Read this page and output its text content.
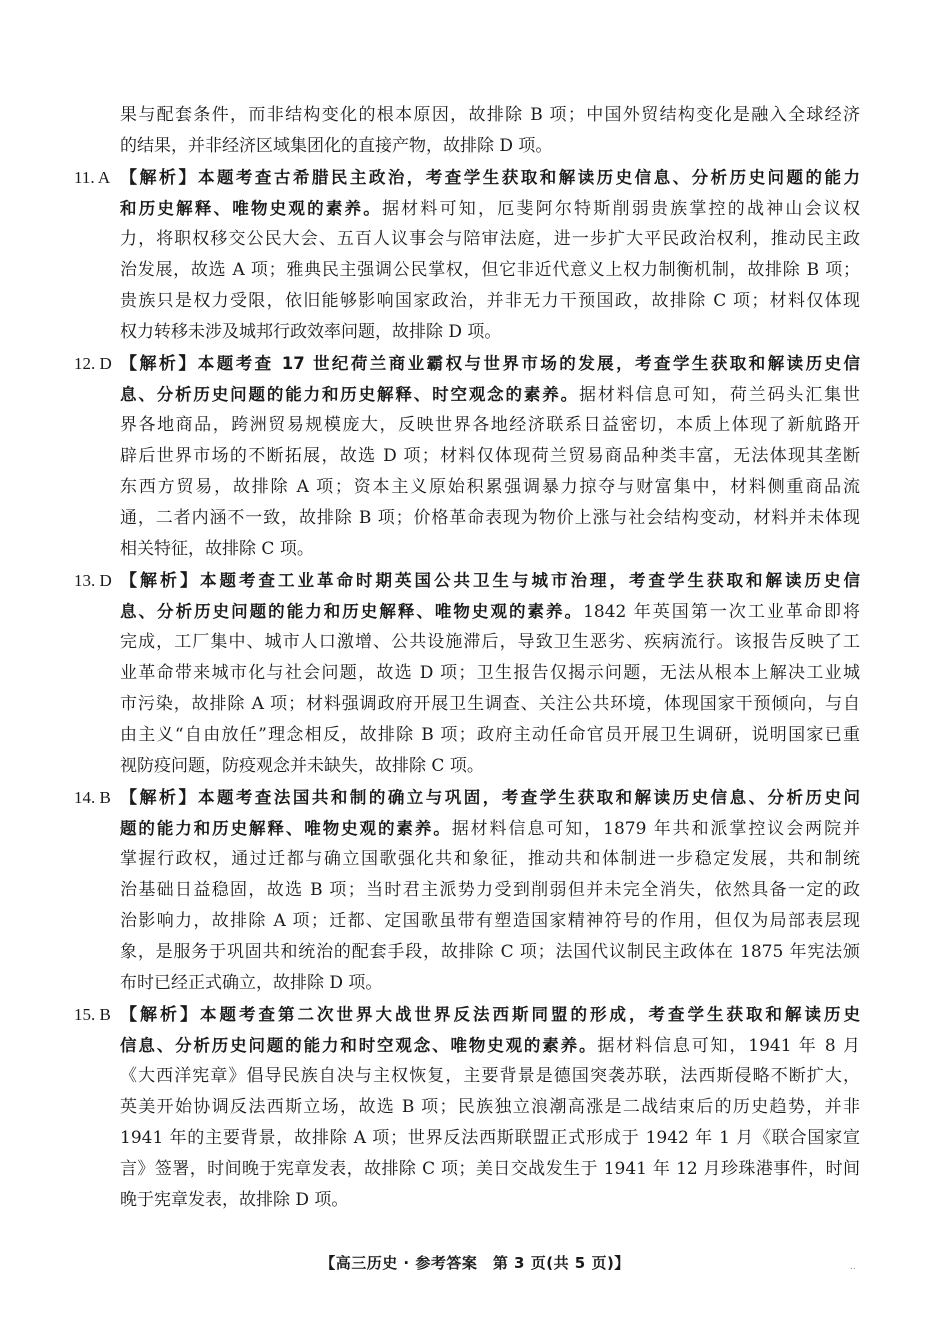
果与配套条件，而非结构变化的根本原因，故排除 B 项；中国外贸结构变化是融入全球经济
的结果，并非经济区域集团化的直接产物，故排除 D 项。
11. A 【解析】本题考查古希腊民主政治，考查学生获取和解读历史信息、分析历史问题的能力
和历史解释、唯物史观的素养。据材料可知，厄斐阿尔特斯削弱贵族掌控的战神山会议权
力，将职权移交公民大会、五百人议事会与陪审法庭，进一步扩大平民政治权利，推动民主政
治发展，故选 A 项；雅典民主强调公民掌权，但它非近代意义上权力制衡机制，故排除 B 项；
贵族只是权力受限，依旧能够影响国家政治，并非无力干预国政，故排除 C 项；材料仅体现
权力转移未涉及城邦行政效率问题，故排除 D 项。
12. D 【解析】本题考查 17 世纪荷兰商业霸权与世界市场的发展，考查学生获取和解读历史信
息、分析历史问题的能力和历史解释、时空观念的素养。据材料信息可知，荷兰码头汇集世
界各地商品，跨洲贸易规模庞大，反映世界各地经济联系日益密切，本质上体现了新航路开
辟后世界市场的不断拓展，故选 D 项；材料仅体现荷兰贸易商品种类丰富，无法体现其垄断
东西方贸易，故排除 A 项；资本主义原始积累强调暴力掠夺与财富集中，材料侧重商品流
通，二者内涵不一致，故排除 B 项；价格革命表现为物价上涨与社会结构变动，材料并未体现
相关特征，故排除 C 项。
13. D 【解析】本题考查工业革命时期英国公共卫生与城市治理，考查学生获取和解读历史信
息、分析历史问题的能力和历史解释、唯物史观的素养。1842 年英国第一次工业革命即将
完成，工厂集中、城市人口激增、公共设施滞后，导致卫生恶劣、疾病流行。该报告反映了工
业革命带来城市化与社会问题，故选 D 项；卫生报告仅揭示问题，无法从根本上解决工业城
市污染，故排除 A 项；材料强调政府开展卫生调查、关注公共环境，体现国家干预倾向，与自
由主义“自由放任”理念相反，故排除 B 项；政府主动任命官员开展卫生调研，说明国家已重
视防疫问题，防疫观念并未缺失，故排除 C 项。
14. B 【解析】本题考查法国共和制的确立与巩固，考查学生获取和解读历史信息、分析历史问
题的能力和历史解释、唯物史观的素养。据材料信息可知，1879 年共和派掌控议会两院并
掌握行政权，通过迁都与确立国歌强化共和象征，推动共和体制进一步稳定发展，共和制统
治基础日益稳固，故选 B 项；当时君主派势力受到削弱但并未完全消失，依然具备一定的政
治影响力，故排除 A 项；迁都、定国歌虽带有塑造国家精神符号的作用，但仅为局部表层现
象，是服务于巩固共和统治的配套手段，故排除 C 项；法国代议制民主政体在 1875 年宪法颁
布时已经正式确立，故排除 D 项。
15. B 【解析】本题考查第二次世界大战世界反法西斯同盟的形成，考查学生获取和解读历史
信息、分析历史问题的能力和时空观念、唯物史观的素养。据材料信息可知，1941 年 8 月
《大西洋宪章》倡导民族自决与主权恢复，主要背景是德国突袭苏联，法西斯侵略不断扩大，
英美开始协调反法西斯立场，故选 B 项；民族独立浪潮高涨是二战结束后的历史趋势，并非
1941 年的主要背景，故排除 A 项；世界反法西斯联盟正式形成于 1942 年 1 月《联合国家宣
言》签署，时间晚于宪章发表，故排除 C 项；美日交战发生于 1941 年 12 月珍珠港事件，时间
晚于宪章发表，故排除 D 项。
【高三历史 · 参考答案　第 3 页(共 5 页)】	..
